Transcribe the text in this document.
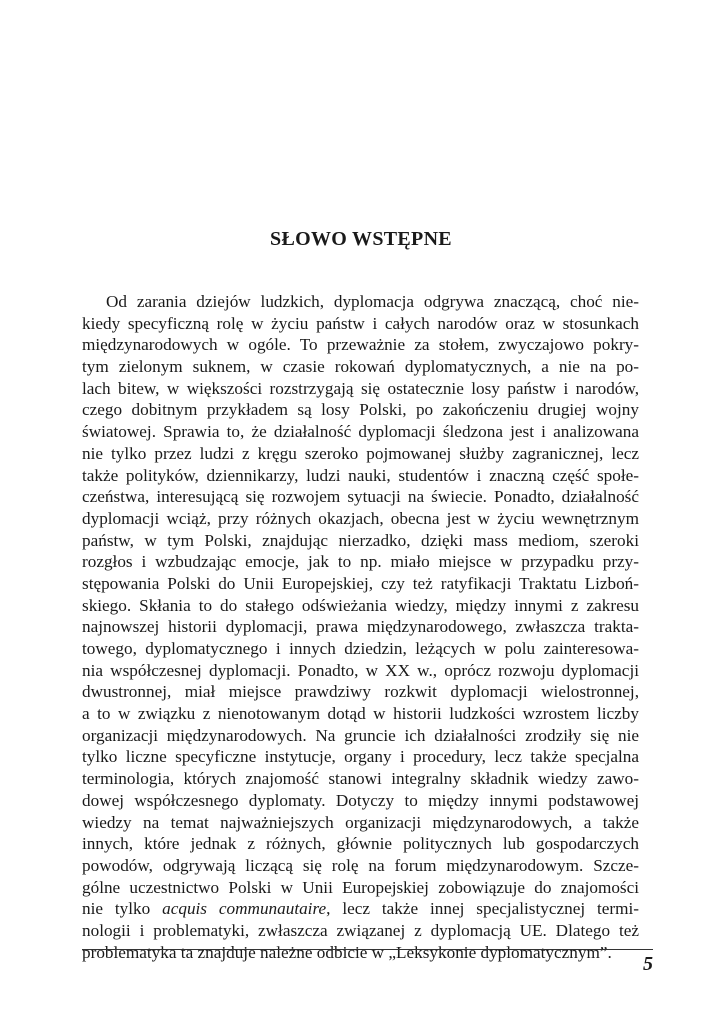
SŁOWO WSTĘPNE
Od zarania dziejów ludzkich, dyplomacja odgrywa znaczącą, choć nie-
kiedy specyficzną rolę w życiu państw i całych narodów oraz w stosunkach
międzynarodowych w ogóle. To przeważnie za stołem, zwyczajowo pokry-
tym zielonym suknem, w czasie rokowań dyplomatycznych, a nie na po-
lach bitew, w większości rozstrzygają się ostatecznie losy państw i narodów,
czego dobitnym przykładem są losy Polski, po zakończeniu drugiej wojny
światowej. Sprawia to, że działalność dyplomacji śledzona jest i analizowana
nie tylko przez ludzi z kręgu szeroko pojmowanej służby zagranicznej, lecz
także polityków, dziennikarzy, ludzi nauki, studentów i znaczną część społe-
czeństwa, interesującą się rozwojem sytuacji na świecie. Ponadto, działalność
dyplomacji wciąż, przy różnych okazjach, obecna jest w życiu wewnętrznym
państw, w tym Polski, znajdując nierzadko, dzięki mass mediom, szeroki
rozgłos i wzbudzając emocje, jak to np. miało miejsce w przypadku przy-
stępowania Polski do Unii Europejskiej, czy też ratyfikacji Traktatu Lizboń-
skiego. Skłania to do stałego odświeżania wiedzy, między innymi z zakresu
najnowszej historii dyplomacji, prawa międzynarodowego, zwłaszcza trakta-
towego, dyplomatycznego i innych dziedzin, leżących w polu zainteresowa-
nia współczesnej dyplomacji. Ponadto, w XX w., oprócz rozwoju dyplomacji
dwustronnej, miał miejsce prawdziwy rozkwit dyplomacji wielostronnej,
a to w związku z nienotowanym dotąd w historii ludzkości wzrostem liczby
organizacji międzynarodowych. Na gruncie ich działalności zrodziły się nie
tylko liczne specyficzne instytucje, organy i procedury, lecz także specjalna
terminologia, których znajomość stanowi integralny składnik wiedzy zawo-
dowej współczesnego dyplomaty. Dotyczy to między innymi podstawowej
wiedzy na temat najważniejszych organizacji międzynarodowych, a także
innych, które jednak z różnych, głównie politycznych lub gospodarczych
powodów, odgrywają liczącą się rolę na forum międzynarodowym. Szcze-
gólne uczestnictwo Polski w Unii Europejskiej zobowiązuje do znajomości
nie tylko acquis communautaire, lecz także innej specjalistycznej termi-
nologii i problematyki, zwłaszcza związanej z dyplomacją UE. Dlatego też
problematyka ta znajduje należne odbicie w „Leksykonie dyplomatycznym”.
5
